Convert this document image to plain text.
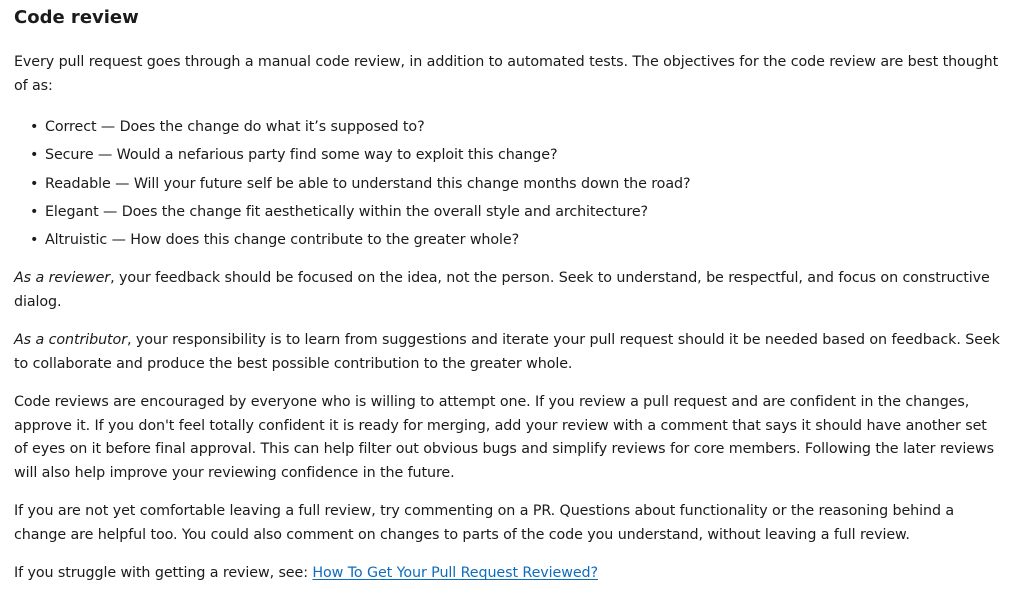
Code review

Every pull request goes through a manual code review, in addition to automated tests. The objectives for the code review are best thought of as:

• Correct — Does the change do what it’s supposed to?
• Secure — Would a nefarious party find some way to exploit this change?
• Readable — Will your future self be able to understand this change months down the road?
• Elegant — Does the change fit aesthetically within the overall style and architecture?
• Altruistic — How does this change contribute to the greater whole?

As a reviewer, your feedback should be focused on the idea, not the person. Seek to understand, be respectful, and focus on constructive dialog.

As a contributor, your responsibility is to learn from suggestions and iterate your pull request should it be needed based on feedback. Seek to collaborate and produce the best possible contribution to the greater whole.

Code reviews are encouraged by everyone who is willing to attempt one. If you review a pull request and are confident in the changes, approve it. If you don't feel totally confident it is ready for merging, add your review with a comment that says it should have another set of eyes on it before final approval. This can help filter out obvious bugs and simplify reviews for core members. Following the later reviews will also help improve your reviewing confidence in the future.

If you are not yet comfortable leaving a full review, try commenting on a PR. Questions about functionality or the reasoning behind a change are helpful too. You could also comment on changes to parts of the code you understand, without leaving a full review.

If you struggle with getting a review, see: How To Get Your Pull Request Reviewed?
